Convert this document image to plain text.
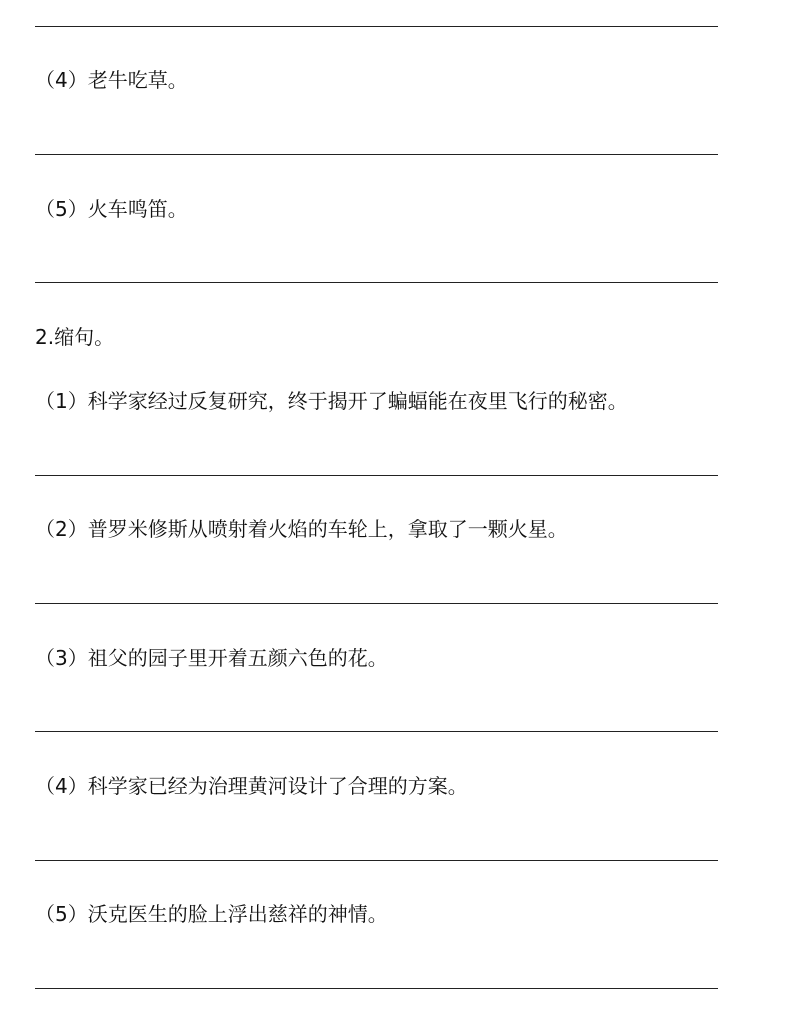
（4）老牛吃草。
（5）火车鸣笛。
2.缩句。
（1）科学家经过反复研究，终于揭开了蝙蝠能在夜里飞行的秘密。
（2）普罗米修斯从喷射着火焰的车轮上，拿取了一颗火星。
（3）祖父的园子里开着五颜六色的花。
（4）科学家已经为治理黄河设计了合理的方案。
（5）沃克医生的脸上浮出慈祥的神情。
